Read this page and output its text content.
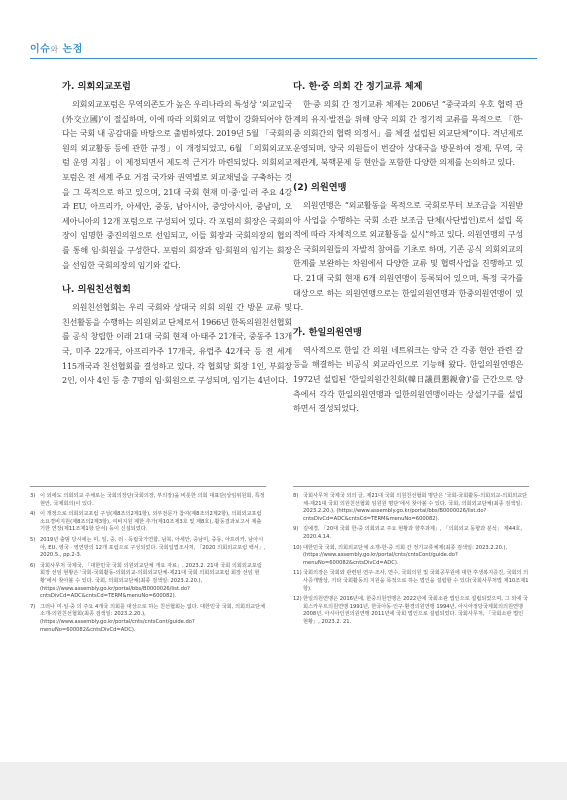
이슈와 논점
가. 의회외교포럼

의회외교포럼은 무역의존도가 높은 우리나라의 특성상 ‘외교입국(外交立國)’이 절실하며, 이에 따라 의회외교 역할이 강화되어야 한다는 국회 내 공감대를 바탕으로 출범하였다. 2019년 5월 「국회의원의 외교활동 등에 관한 규정」이 개정되었고, 6월 「의회외교포럼 운영 지침」이 제정되면서 제도적 근거가 마련되었다. 의회외교포럼은 전 세계 주요 거점 국가와 권역별로 외교채널을 구축하는 것을 그 목적으로 하고 있으며, 21대 국회 현재 미·중·일·러 주요 4강과 EU, 아프리카, 아세안, 중동, 남아시아, 중앙아시아, 중남미, 오세아니아의 12개 포럼으로 구성되어 있다. 각 포럼의 회장은 국회의장이 임명한 중진의원으로 선임되고, 이들 회장과 국회의장의 협의를 통해 임·회원을 구성한다. 포럼의 회장과 임·회원의 임기는 회장을 선임한 국회의장의 임기와 같다.

나. 의원친선협회

의원친선협회는 우리 국회와 상대국 의회 의원 간 방문 교류 및 친선활동을 수행하는 의원외교 단체로서 1966년 한독의원친선협회를 공식 창립한 이래 21대 국회 현재 아·태주 21개국, 중동주 13개국, 미주 22개국, 아프리카주 17개국, 유럽주 42개국 등 전 세계 115개국과 친선협회를 결성하고 있다. 각 협회당 회장 1인, 부회장 2인, 이사 4인 등 총 7명의 임·회원으로 구성되며, 임기는 4년이다.

다. 한·중 의회 간 정기교류 체제

한·중 의회 간 정기교류 체제는 2006년 “중국과의 우호 협력 관계의 유지·발전을 위해 양국 의회 간 정기적 교류를 목적으로 「한·중 의회간의 협력 의정서」를 체결 설립된 외교단체”이다. 격년제로 운영되며, 양국 의원들이 번갈아 상대국을 방문하여 경제, 무역, 국제관계, 북핵문제 등 현안을 포함한 다양한 의제를 논의하고 있다.

(2) 의원연맹

의원연맹은 “외교활동을 목적으로 국회로부터 보조금을 지원받아 사업을 수행하는 국회 소관 보조금 단체(사단법인)로서 설립 목적에 따라 자체적으로 외교활동을 실시”하고 있다. 의원연맹의 구성은 국회의원들의 자발적 참여를 기초로 하며, 기존 공식 의회외교의 한계를 보완하는 차원에서 다양한 교류 및 협력사업을 진행하고 있다. 21대 국회 현재 6개 의원연맹이 등록되어 있으며, 특정 국가를 대상으로 하는 의원연맹으로는 한일의원연맹과 한중의원연맹이 있다.

가. 한일의원연맹

역사적으로 한일 간 의원 네트워크는 양국 간 각종 현안 관련 갈등을 해결하는 비공식 외교라인으로 기능해 왔다. 한일의원연맹은 1972년 설립된 ‘한일의원간친회(韓日議員懇親會)’를 근간으로 양측에서 각각 한일의원연맹과 일한의원연맹이라는 상설기구를 설립하면서 결성되었다.

3) 이 외에도 의회외교 주체로는 국회의장단(국회의장, 부의장)을 비롯한 의회 대표단(상임위원회, 특정 현안, 국제회의)이 있다.
4) 이 개정으로 의회외교포럼 구성(제8조의2제1항), 외부전문가 참여(제8조의2제2항), 의회외교포럼 소요경비지원(제8조의2제3항), 여비지원 제한 추가(제10조제3호 및 제8호), 활동결과보고서 제출기한 연장(제11조제1항 단서) 등이 신설되었다.
5) 2019년 출범 당시에는 미, 일, 중, 러 · 독립국가연합, 남북, 아세안, 중남미, 중동, 아프리카, 남아시아, EU, 영국 · 영연방의 12개 포럼으로 구성되었다. 국회입법조사처, 「2020 의회외교포럼 백서」, 2020.5., pp.2-3.
6) 국회사무처 국제국, 「대한민국 국회 의원외교단체 개요 자료」, 2023.2. 21대 국회 의회외교포럼 회장 선임 현황은 ‘국회-국회활동-의회외교-의회외교단체-제21대 국회 의회외교포럼 회장 선임 현황’에서 찾아볼 수 있다. 국회, 의회외교단체(최종 검색일: 2023.2.20.), (https://www.assembly.go.kr/portal/bbs/B0000026/list.do?cntsDivCd=ADC&cntsCd=TERM&menuNo=600082).
7) 그러나 미·일·중 의 주요 4개국 의회를 대상으로 하는 친선협회는 없다. 대한민국 국회, 의회외교단체 소개-의원친선협회(최종 검색일: 2023.2.20.), (https://www.assembly.go.kr/portal/cnts/cntsCont/guide.do?menuNo=600082&cntsDivCd=ADC).
8) 국회사무처 국제국 외의 글, 제21대 국회 의원친선협회 명단은 ‘국회-국회활동-의회외교-의회외교단체-제21대 국회 의원친선협회 임원원 명단’에서 찾아볼 수 있다. 국회, 의회외교단체(최종 검색일: 2023.2.20.), (https://www.assembly.go.kr/portal/bbs/B0000026/list.do?cntsDivCd=ADC&cntsCd=TERM&menuNo=600082).
9) 김예경, 「20대 국회 한·중 의회외교 주요 현황과 향후과제」, 「의회외교 동향과 분석」 제44호, 2020.4.14.
10) 대한민국 국회, 의회외교단체 소개-한·중 의회 간 정기교류체제(최종 검색일: 2023.2.20.), (https://www.assembly.go.kr/portal/cnts/cntsCont/guide.do?menuNo=600082&cntsDivCd=ADC).
11) 국회의장은 국회와 관련된 연구·조사, 연수, 국회의원 및 국회공무원에 대한 후생복지증진, 국회의 의사증개발상, 기타 국회활동의 지원을 목적으로 하는 법인을 설립할 수 있다(국회사무처법 제10조제1항).
12) 한일의원연맹은 2016년에, 한중의원연맹은 2022년에 국회소관 법인으로 설립되었으며, 그 외에 국회스카우트의원연맹 1991년, 한국아동·인구·환경의원연맹 1994년, 아시아정당국제회의의원연맹 2008년, 아시아인권의원연맹 2011년에 국회 법인으로 설립되었다. 국회사무처, 「국회소관 법인 현황」, 2023.2. 21.
